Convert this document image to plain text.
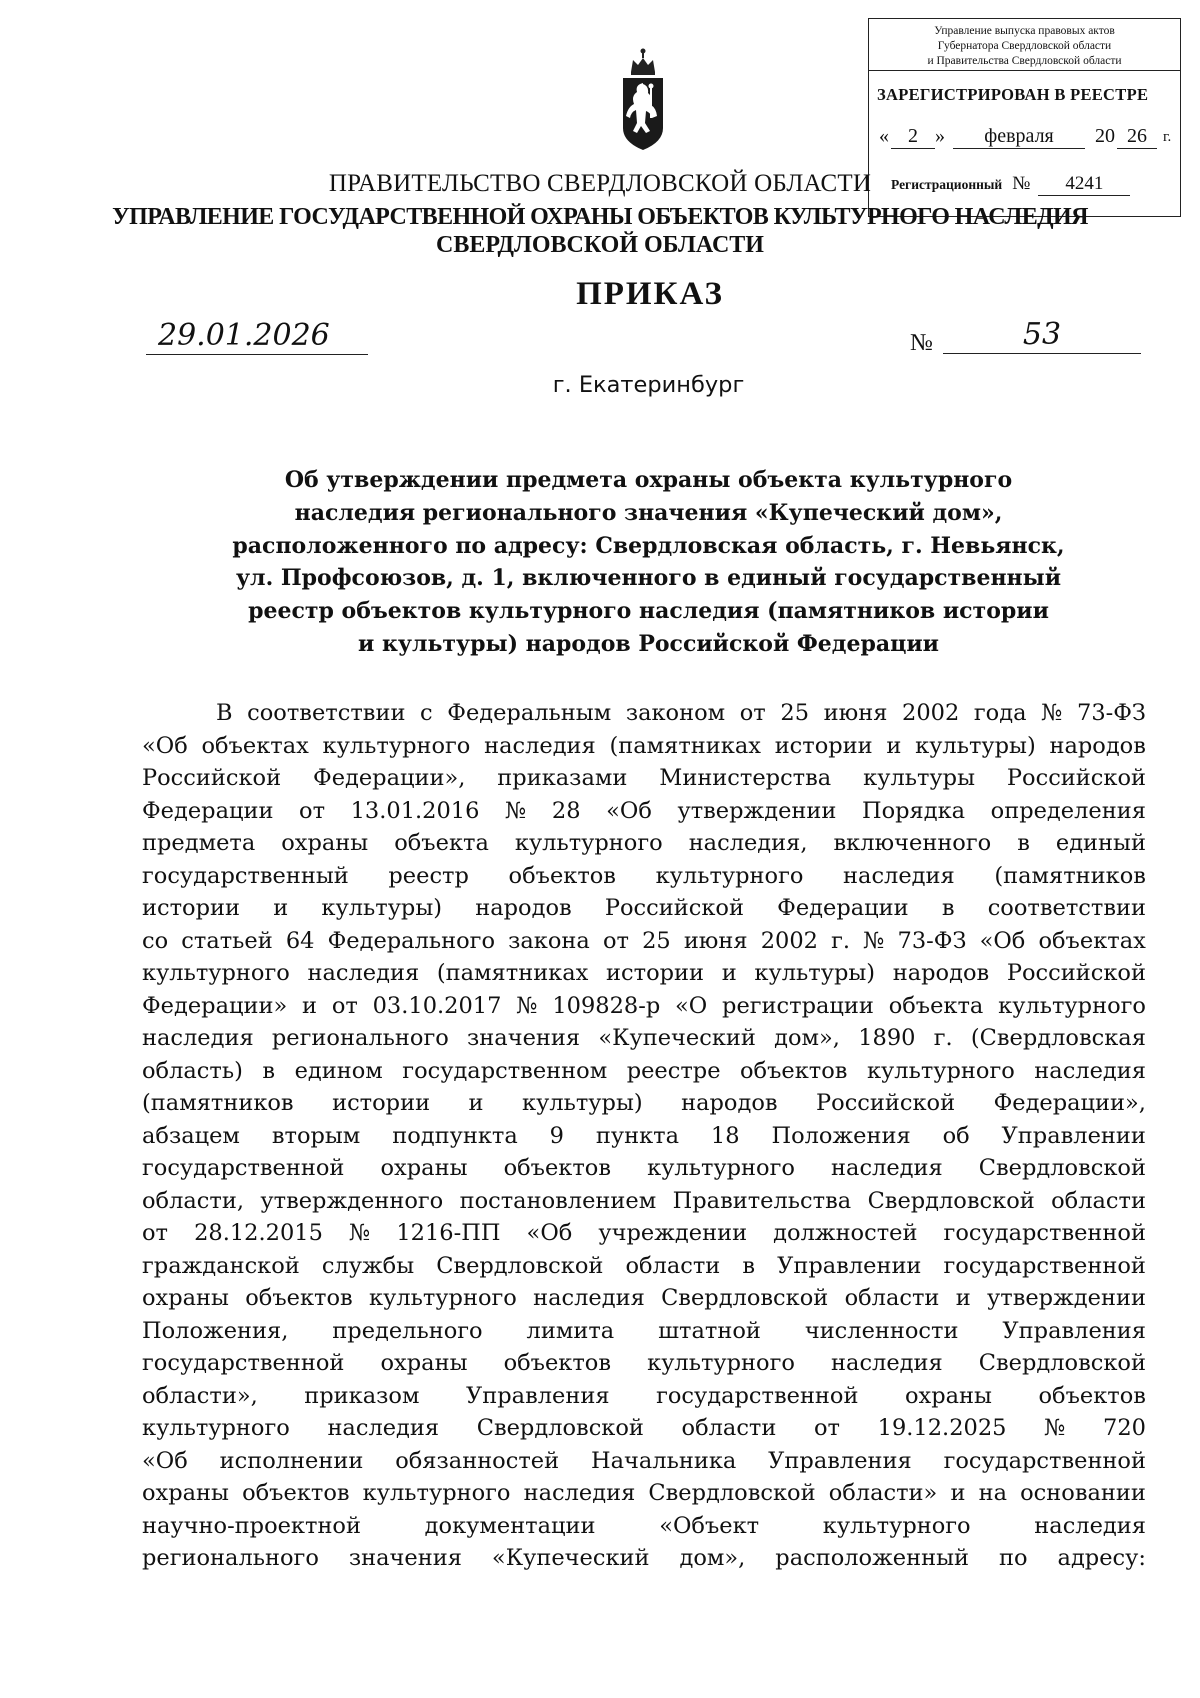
Управление выпуска правовых актов
Губернатора Свердловской области
и Правительства Свердловской области
ЗАРЕГИСТРИРОВАН В РЕЕСТРЕ
« 2 »	февраля	20 26	г.
Регистрационный № 4241
ПРАВИТЕЛЬСТВО СВЕРДЛОВСКОЙ ОБЛАСТИ
УПРАВЛЕНИЕ ГОСУДАРСТВЕННОЙ ОХРАНЫ ОБЪЕКТОВ КУЛЬТУРНОГО НАСЛЕДИЯ
СВЕРДЛОВСКОЙ ОБЛАСТИ
ПРИКАЗ
29.01.2026	№	53
г. Екатеринбург
Об утверждении предмета охраны объекта культурного
наследия регионального значения «Купеческий дом»,
расположенного по адресу: Свердловская область, г. Невьянск,
ул. Профсоюзов, д. 1, включенного в единый государственный
реестр объектов культурного наследия (памятников истории
и культуры) народов Российской Федерации
В соответствии с Федеральным законом от 25 июня 2002 года № 73-ФЗ
«Об объектах культурного наследия (памятниках истории и культуры) народов
Российской Федерации», приказами Министерства культуры Российской
Федерации от 13.01.2016 № 28 «Об утверждении Порядка определения
предмета охраны объекта культурного наследия, включенного в единый
государственный реестр объектов культурного наследия (памятников
истории и культуры) народов Российской Федерации в соответствии
со статьей 64 Федерального закона от 25 июня 2002 г. № 73-ФЗ «Об объектах
культурного наследия (памятниках истории и культуры) народов Российской
Федерации» и от 03.10.2017 № 109828-р «О регистрации объекта культурного
наследия регионального значения «Купеческий дом», 1890 г. (Свердловская
область) в едином государственном реестре объектов культурного наследия
(памятников истории и культуры) народов Российской Федерации»,
абзацем вторым подпункта 9 пункта 18 Положения об Управлении
государственной охраны объектов культурного наследия Свердловской
области, утвержденного постановлением Правительства Свердловской области
от 28.12.2015 № 1216-ПП «Об учреждении должностей государственной
гражданской службы Свердловской области в Управлении государственной
охраны объектов культурного наследия Свердловской области и утверждении
Положения, предельного лимита штатной численности Управления
государственной охраны объектов культурного наследия Свердловской
области», приказом Управления государственной охраны объектов
культурного наследия Свердловской области от 19.12.2025 № 720
«Об исполнении обязанностей Начальника Управления государственной
охраны объектов культурного наследия Свердловской области» и на основании
научно-проектной	документации	«Объект	культурного	наследия
регионального значения «Купеческий дом», расположенный по адресу:
